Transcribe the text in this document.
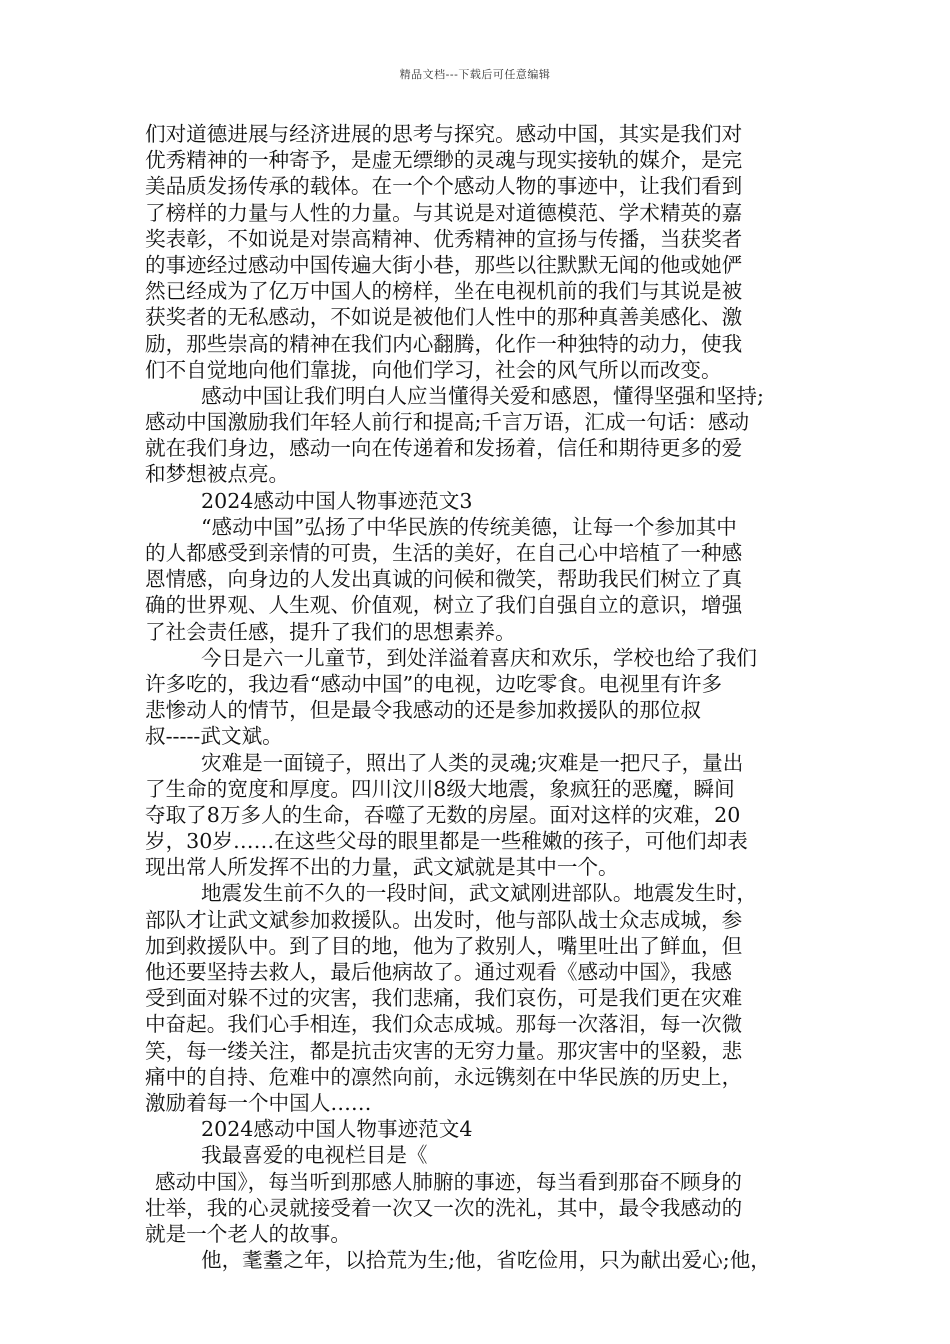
精品文档---下载后可任意编辑
们对道德进展与经济进展的思考与探究。感动中国，其实是我们对
优秀精神的一种寄予，是虚无缥缈的灵魂与现实接轨的媒介，是完
美品质发扬传承的载体。在一个个感动人物的事迹中，让我们看到
了榜样的力量与人性的力量。与其说是对道德模范、学术精英的嘉
奖表彰，不如说是对崇高精神、优秀精神的宣扬与传播，当获奖者
的事迹经过感动中国传遍大街小巷，那些以往默默无闻的他或她俨
然已经成为了亿万中国人的榜样，坐在电视机前的我们与其说是被
获奖者的无私感动，不如说是被他们人性中的那种真善美感化、激
励，那些崇高的精神在我们内心翻腾，化作一种独特的动力，使我
们不自觉地向他们靠拢，向他们学习，社会的风气所以而改变。
感动中国让我们明白人应当懂得关爱和感恩，懂得坚强和坚持;
感动中国激励我们年轻人前行和提高;千言万语，汇成一句话：感动
就在我们身边，感动一向在传递着和发扬着，信任和期待更多的爱
和梦想被点亮。
2024感动中国人物事迹范文3
“感动中国”弘扬了中华民族的传统美德，让每一个参加其中
的人都感受到亲情的可贵，生活的美好，在自己心中培植了一种感
恩情感，向身边的人发出真诚的问候和微笑，帮助我民们树立了真
确的世界观、人生观、价值观，树立了我们自强自立的意识，增强
了社会责任感，提升了我们的思想素养。
今日是六一儿童节，到处洋溢着喜庆和欢乐，学校也给了我们
许多吃的，我边看“感动中国”的电视，边吃零食。电视里有许多
悲惨动人的情节，但是最令我感动的还是参加救援队的那位叔
叔-----武文斌。
灾难是一面镜子，照出了人类的灵魂;灾难是一把尺子，量出
了生命的宽度和厚度。四川汶川8级大地震，象疯狂的恶魔，瞬间
夺取了8万多人的生命，吞噬了无数的房屋。面对这样的灾难，20
岁，30岁……在这些父母的眼里都是一些稚嫩的孩子，可他们却表
现出常人所发挥不出的力量，武文斌就是其中一个。
地震发生前不久的一段时间，武文斌刚进部队。地震发生时，
部队才让武文斌参加救援队。出发时，他与部队战士众志成城，参
加到救援队中。到了目的地，他为了救别人，嘴里吐出了鲜血，但
他还要坚持去救人，最后他病故了。通过观看《感动中国》，我感
受到面对躲不过的灾害，我们悲痛，我们哀伤，可是我们更在灾难
中奋起。我们心手相连，我们众志成城。那每一次落泪，每一次微
笑，每一缕关注，都是抗击灾害的无穷力量。那灾害中的坚毅，悲
痛中的自持、危难中的凛然向前，永远镌刻在中华民族的历史上，
激励着每一个中国人……
2024感动中国人物事迹范文4
我最喜爱的电视栏目是《
感动中国》，每当听到那感人肺腑的事迹，每当看到那奋不顾身的
壮举，我的心灵就接受着一次又一次的洗礼，其中，最令我感动的
就是一个老人的故事。
他，耄耋之年，以拾荒为生;他，省吃俭用，只为献出爱心;他，
